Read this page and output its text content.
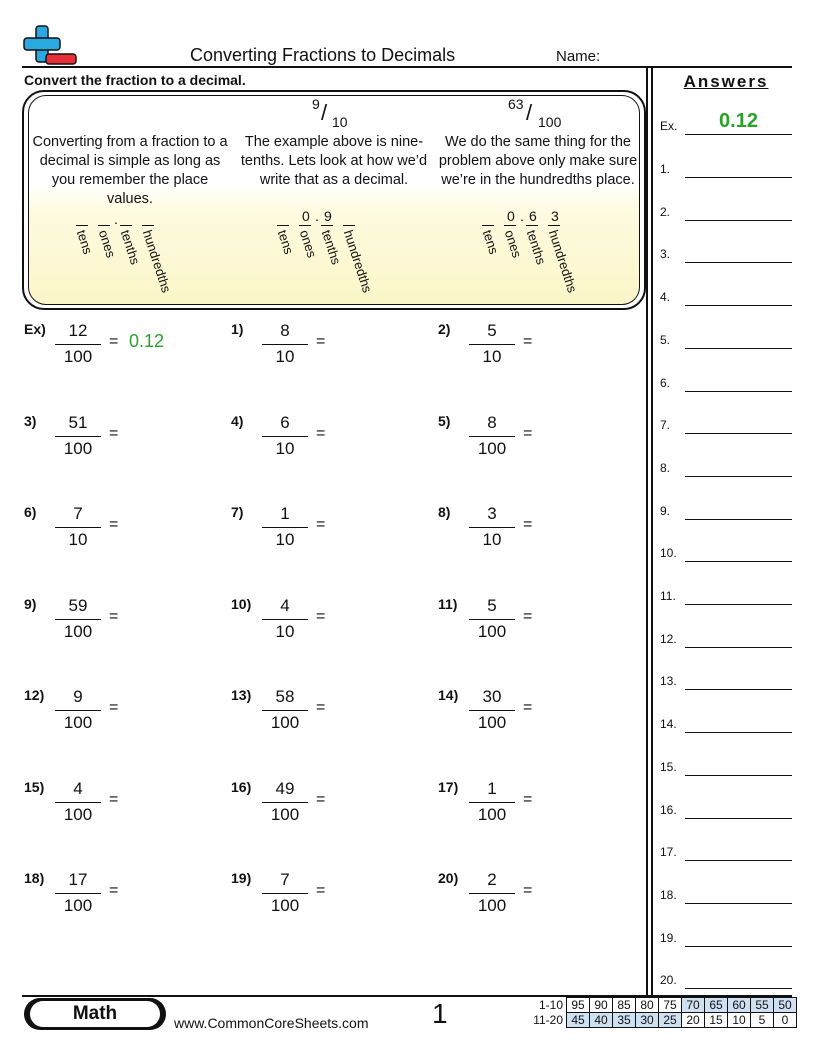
Converting Fractions to Decimals	Name:
Convert the fraction to a decimal.	Answers
Ex.	0.12
1.
2.
3.
4.
5.
6.
7.
8.
9.
10.
11.
12.
13.
14.
15.
16.
17.
18.
19.
20.
9 / 10
63 / 100
Converting from a fraction to a decimal is simple as long as you remember the place values.
The example above is nine-tenths. Lets look at how we’d write that as a decimal.
We do the same thing for the problem above only make sure we’re in the hundredths place.
tens ones tenths
hundredths
.
tens ones tenths
hundredths
0 . 9
tens ones tenths
hundredths
0 . 6 3
Ex)	12
100
= 0.12
1)	8
10
=
2)	5
10
=
3)	51
100
=
4)	6
10
=
5)	8
100
=
6)	7
10
=
7)	1
10
=
8)	3
10
=
9)	59
100
=
10)	4
10
=
11)	5
100
=
12)	9
100
=
13)	58
100
=
14)	30
100
=
15)	4
100
=
16)	49
100
=
17)	1
100
=
18)	17
100
=
19)	7
100
=
20)	2
100
=
Math	www.CommonCoreSheets.com 1	1-10	95	90	85	80	75	70	65	60	55	50
11-20	45	40	35	30	25	20	15	10	5	0
